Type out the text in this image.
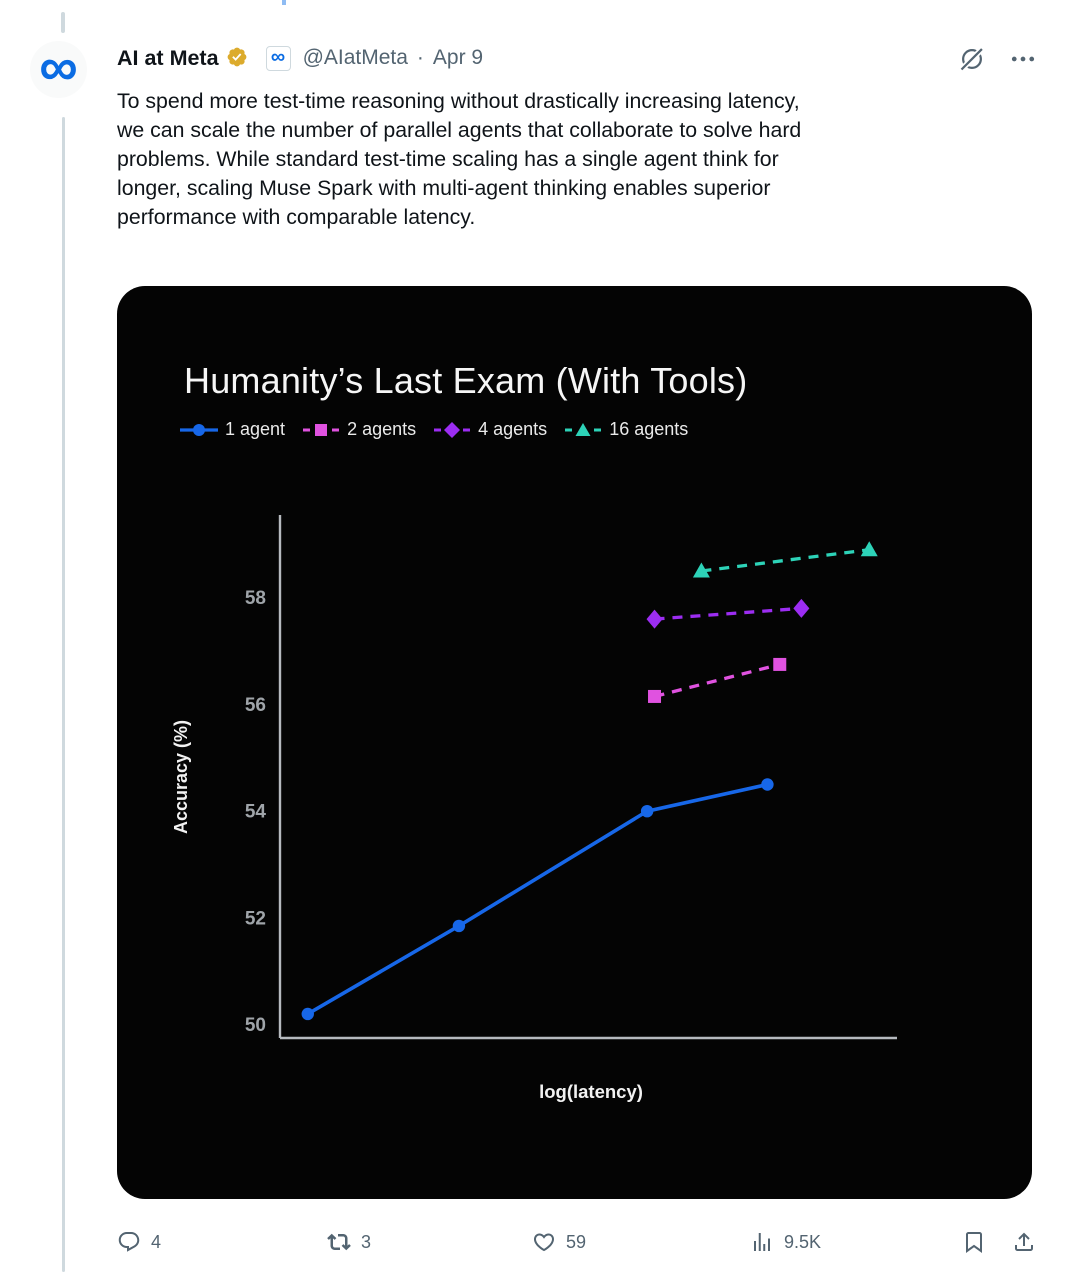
∞ AI at Meta	∞ @AIatMeta · Apr 9
To spend more test-time reasoning without drastically increasing latency,
we can scale the number of parallel agents that collaborate to solve hard
problems. While standard test-time scaling has a single agent think for
longer, scaling Muse Spark with multi-agent thinking enables superior
performance with comparable latency.
Humanity’s Last Exam (With Tools)
1 agent	2 agents	4 agents	16 agents
50
52
54
56
58
Accuracy (%)
log(latency)
4	3	59	9.5K
